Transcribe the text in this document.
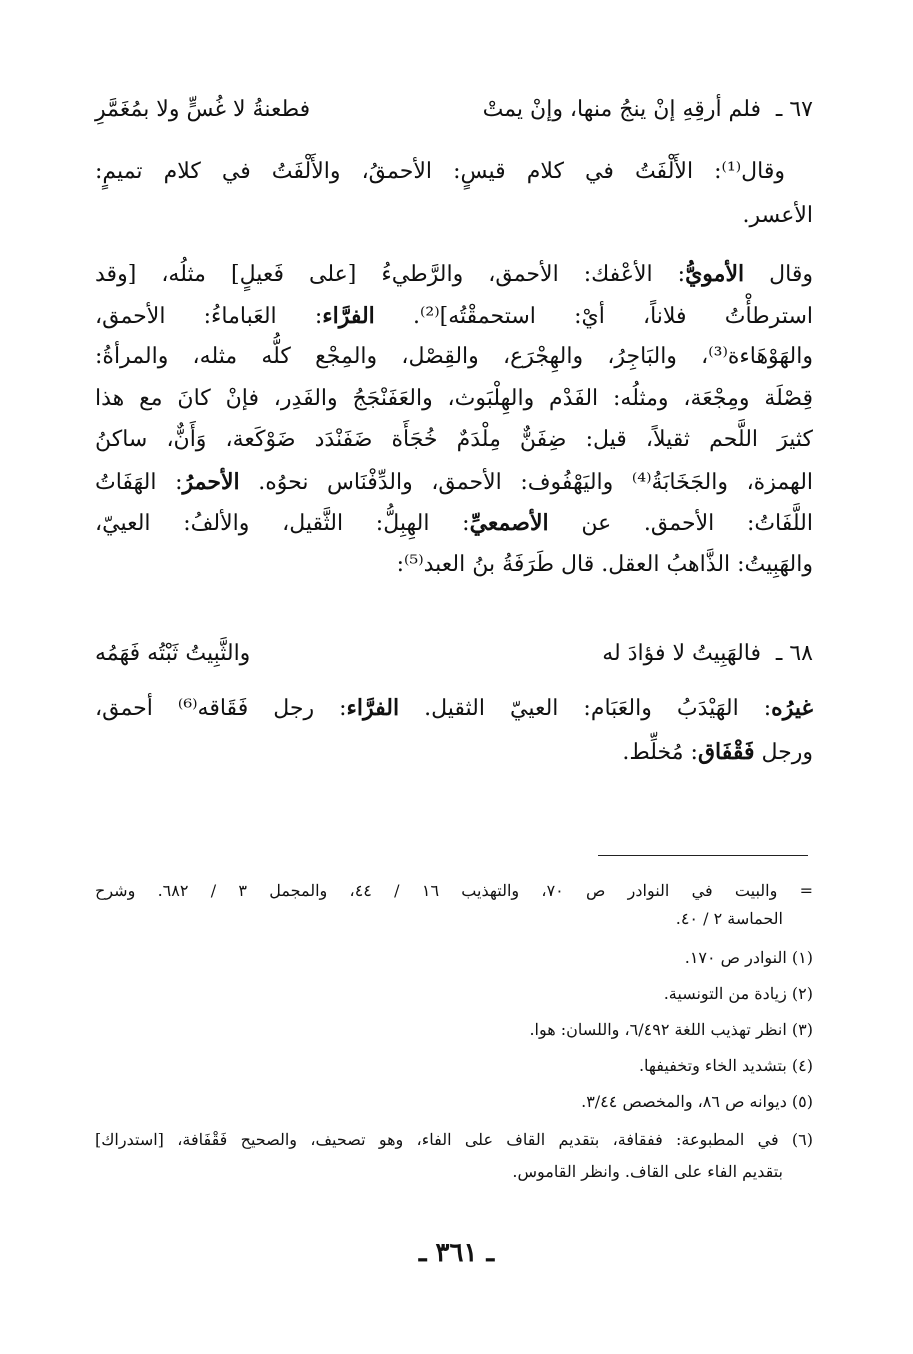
٦٧ ـ
فلم أرقِهِ إنْ ينجُ منها، وإنْ يمتْ
فطعنةُ لا غُسٍّ ولا بمُغَمَّرِ
وقال⁽¹⁾: الأَلْفَتُ في كلام قيسٍ: الأحمقُ، والأَلْفَتُ في كلام تميمٍ:
الأعسر.
وقال الأمويُّ: الأعْفك: الأحمق، والرَّطيءُ [على فَعيلٍ] مثلُه، [وقد
استرطأْتُ فلاناً، أيْ: استحمقْتُه]⁽²⁾. الفرَّاء: العَباماءُ: الأحمق،
والهَوْهَاءة⁽³⁾، والبَاجِرُ، والهِجْرَع، والقِصْل، والمِجْع كلُّه مثله، والمرأةُ:
قِصْلَة ومِجْعَة، ومثلُه: الفَدْم والهِلْبَوث، والعَفَنْجَجُ والفَدِر، فإنْ كانَ مع هذا
كثيرَ اللَّحم ثقيلاً، قيل: ضِفَنٌّ مِلْدَمٌ خُجَأَة ضَفَنْدَد ضَوْكَعة، وَأَنٌّ، ساكنُ
الهمزة، والجَخَابَةُ⁽⁴⁾ واليَهْفُوف: الأحمق، والدِّفْنَاس نحوُه. الأحمرُ: الهَفَاتُ
اللَّفَاتُ: الأحمق. عن الأصمعيِّ: الهِبِلُّ: الثَّقيل، والألفُ: العييّ،
والهَبِيتُ: الذَّاهبُ العقل. قال طَرَفَةُ بنُ العبد⁽⁵⁾:
٦٨ ـ
فالهَبِيتُ لا فؤادَ له
والثَّبِيتُ ثَبْتُه فَهَمُه
غيرُه: الهَيْدَبُ والعَبَام: العييّ الثقيل. الفرَّاء: رجل فَقَاقه⁽⁶⁾ أحمق،
ورجل فَقْفَاق: مُخلِّط.
= والبيت في النوادر ص ٧٠، والتهذيب ١٦ / ٤٤، والمجمل ٣ / ٦٨٢. وشرح
الحماسة ٢ / ٤٠.
(١) النوادر ص ١٧٠.
(٢) زيادة من التونسية.
(٣) انظر تهذيب اللغة ٦/٤٩٢، واللسان: هوا.
(٤) بتشديد الخاء وتخفيفها.
(٥) ديوانه ص ٨٦، والمخصص ٣/٤٤.
(٦) في المطبوعة: ففقافة، بتقديم القاف على الفاء، وهو تصحيف، والصحيح فَقْفَافة، [استدراك]
بتقديم الفاء على القاف. وانظر القاموس.
ـ ٣٦١ ـ
